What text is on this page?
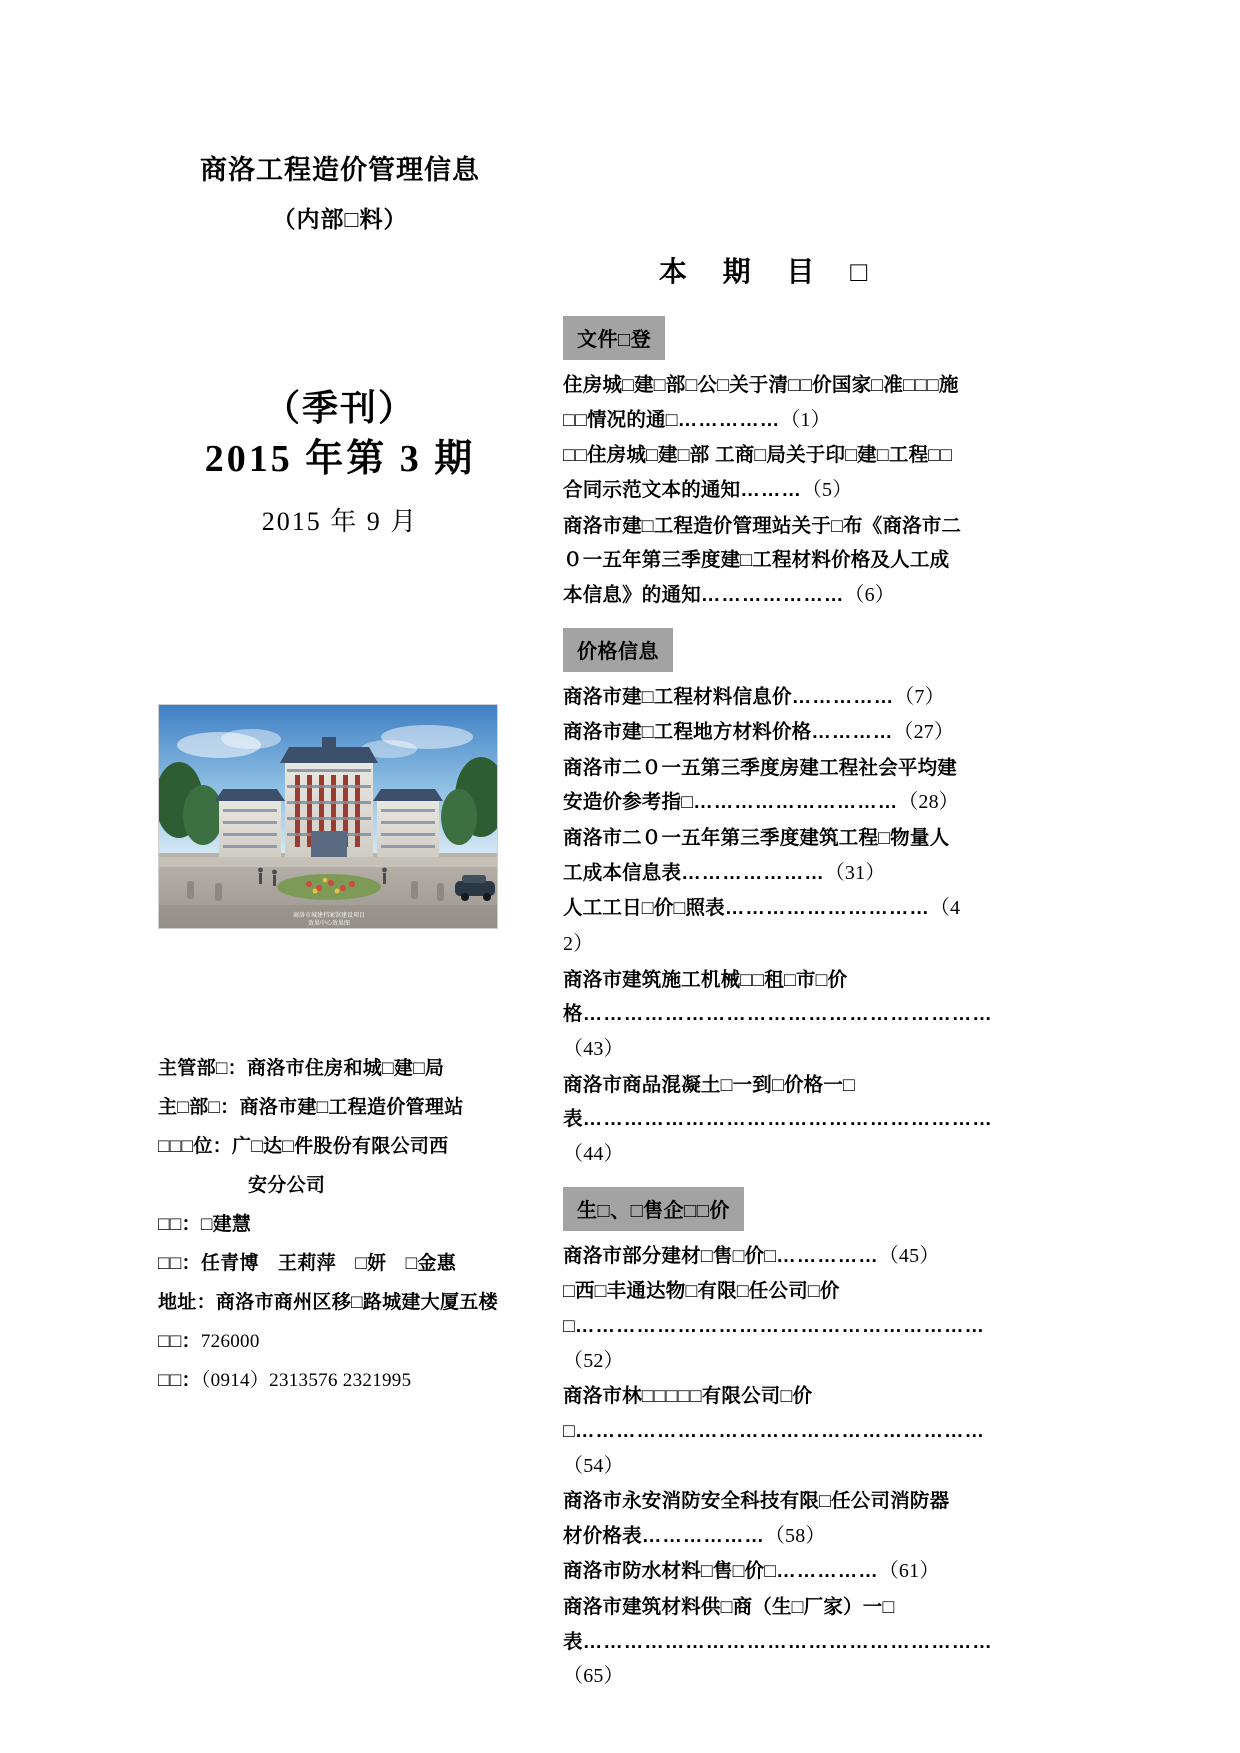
商洛工程造价管理信息
（内部□料）
（季刊）
2015 年第 3 期
2015 年 9 月
商洛市城建档案馆建设项目
效果中心效果图
主管部□：商洛市住房和城□建□局
主□部□：商洛市建□工程造价管理站
□□□位：广□达□件股份有限公司西
安分公司
□□：□建慧
□□：任青博　王莉萍　□妍　□金惠
地址：商洛市商州区移□路城建大厦五楼
□□：726000
□□：（0914）2313576 2321995
本 期 目 □
文件□登
住房城□建□部□公□关于清□□价国家□准□□□施□□情况的通□……………（1）
□□住房城□建□部 工商□局关于印□建□工程□□合同示范文本的通知………（5）
商洛市建□工程造价管理站关于□布《商洛市二０一五年第三季度建□工程材料价格及人工成本信息》的通知…………………（6）
价格信息
商洛市建□工程材料信息价……………（7）
商洛市建□工程地方材料价格…………（27）
商洛市二０一五第三季度房建工程社会平均建安造价参考指□…………………………（28）
商洛市二０一五年第三季度建筑工程□物量人工成本信息表…………………（31）
人工工日□价□照表…………………………（42）
商洛市建筑施工机械□□租□市□价格……………………………………………………（43）
商洛市商品混凝土□一到□价格一□表……………………………………………………（44）
生□、□售企□□价
商洛市部分建材□售□价□……………（45）
□西□丰通达物□有限□任公司□价□……………………………………………………（52）
商洛市林□□□□□有限公司□价□……………………………………………………（54）
商洛市永安消防安全科技有限□任公司消防器材价格表………………（58）
商洛市防水材料□售□价□……………（61）
商洛市建筑材料供□商（生□厂家）一□表……………………………………………………（65）
